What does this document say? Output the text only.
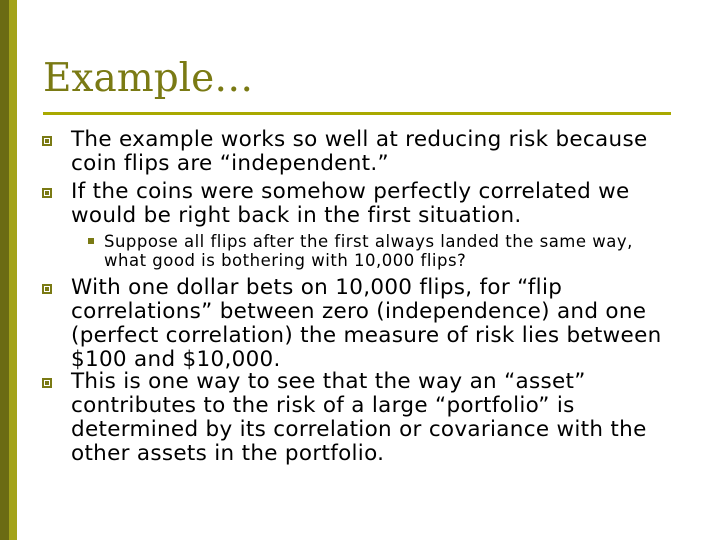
Example…
The example works so well at reducing risk because coin flips are “independent.”
If the coins were somehow perfectly correlated we would be right back in the first situation.
Suppose all flips after the first always landed the same way, what good is bothering with 10,000 flips?
With one dollar bets on 10,000 flips, for “flip correlations” between zero (independence) and one (perfect correlation) the measure of risk lies between $100 and $10,000.
This is one way to see that the way an “asset” contributes to the risk of a large “portfolio” is determined by its correlation or covariance with the other assets in the portfolio.
